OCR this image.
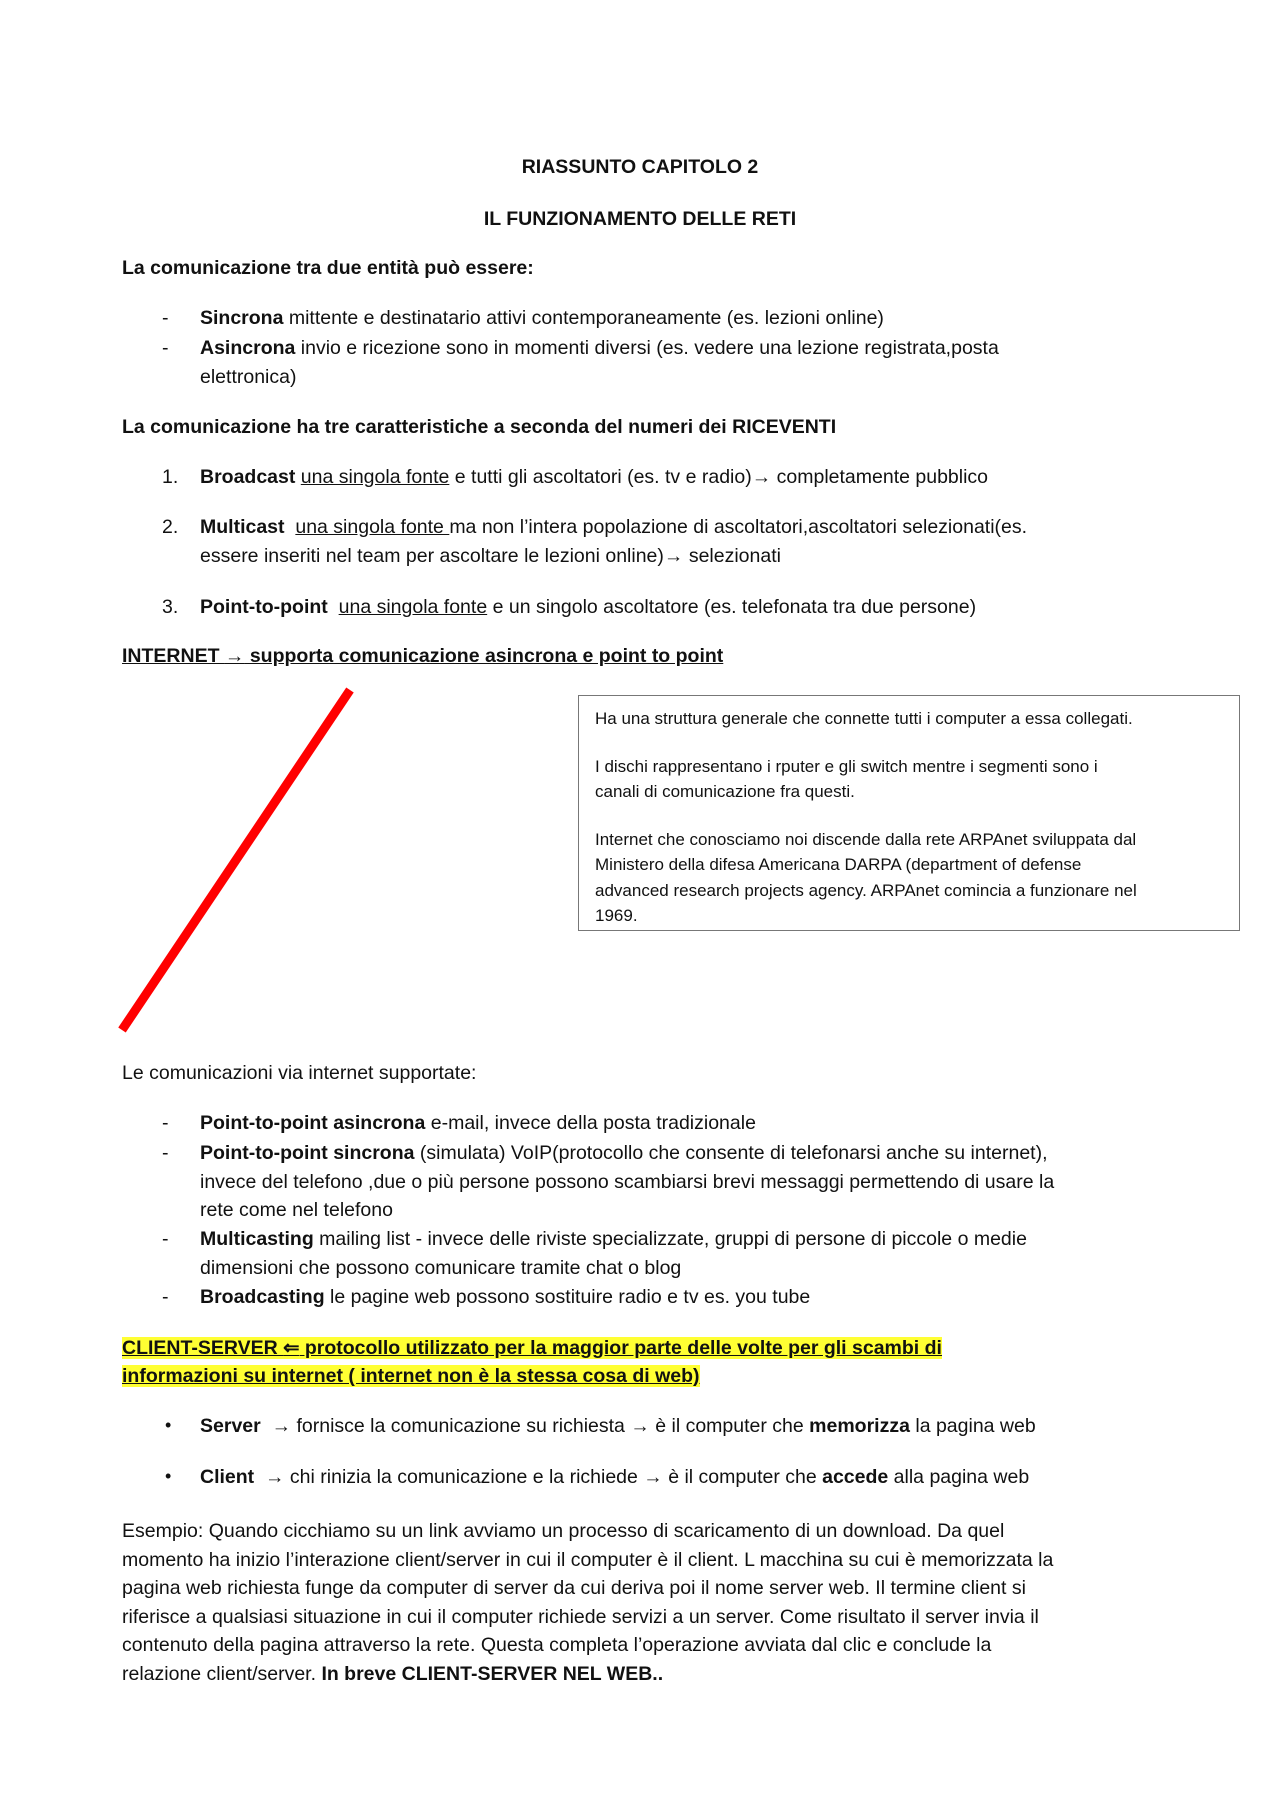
RIASSUNTO CAPITOLO 2
IL FUNZIONAMENTO DELLE RETI
La comunicazione tra due entità può essere:
- Sincrona mittente e destinatario attivi contemporaneamente (es. lezioni online)
- Asincrona invio e ricezione sono in momenti diversi (es. vedere una lezione registrata,posta
elettronica)
La comunicazione ha tre caratteristiche a seconda del numeri dei RICEVENTI
1. Broadcast una singola fonte e tutti gli ascoltatori (es. tv e radio)→ completamente pubblico
2. Multicast una singola fonte ma non l’intera popolazione di ascoltatori,ascoltatori selezionati(es.
essere inseriti nel team per ascoltare le lezioni online)→ selezionati
3. Point-to-point una singola fonte e un singolo ascoltatore (es. telefonata tra due persone)
INTERNET → supporta comunicazione asincrona e point to point

Ha una struttura generale che connette tutti i computer a essa collegati.

I dischi rappresentano i rputer e gli switch mentre i segmenti sono i
canali di comunicazione fra questi.

Internet che conosciamo noi discende dalla rete ARPAnet sviluppata dal
Ministero della difesa Americana DARPA (department of defense
advanced research projects agency. ARPAnet comincia a funzionare nel
1969.

Le comunicazioni via internet supportate:
- Point-to-point asincrona e-mail, invece della posta tradizionale
- Point-to-point sincrona (simulata) VoIP(protocollo che consente di telefonarsi anche su internet),
invece del telefono ,due o più persone possono scambiarsi brevi messaggi permettendo di usare la
rete come nel telefono
- Multicasting mailing list - invece delle riviste specializzate, gruppi di persone di piccole o medie
dimensioni che possono comunicare tramite chat o blog
- Broadcasting le pagine web possono sostituire radio e tv es. you tube
CLIENT-SERVER ⇐ protocollo utilizzato per la maggior parte delle volte per gli scambi di
informazioni su internet ( internet non è la stessa cosa di web)
• Server → fornisce la comunicazione su richiesta → è il computer che memorizza la pagina web
• Client → chi rinizia la comunicazione e la richiede → è il computer che accede alla pagina web
Esempio: Quando cicchiamo su un link avviamo un processo di scaricamento di un download. Da quel
momento ha inizio l’interazione client/server in cui il computer è il client. L macchina su cui è memorizzata la
pagina web richiesta funge da computer di server da cui deriva poi il nome server web. Il termine client si
riferisce a qualsiasi situazione in cui il computer richiede servizi a un server. Come risultato il server invia il
contenuto della pagina attraverso la rete. Questa completa l’operazione avviata dal clic e conclude la
relazione client/server. In breve CLIENT-SERVER NEL WEB..
